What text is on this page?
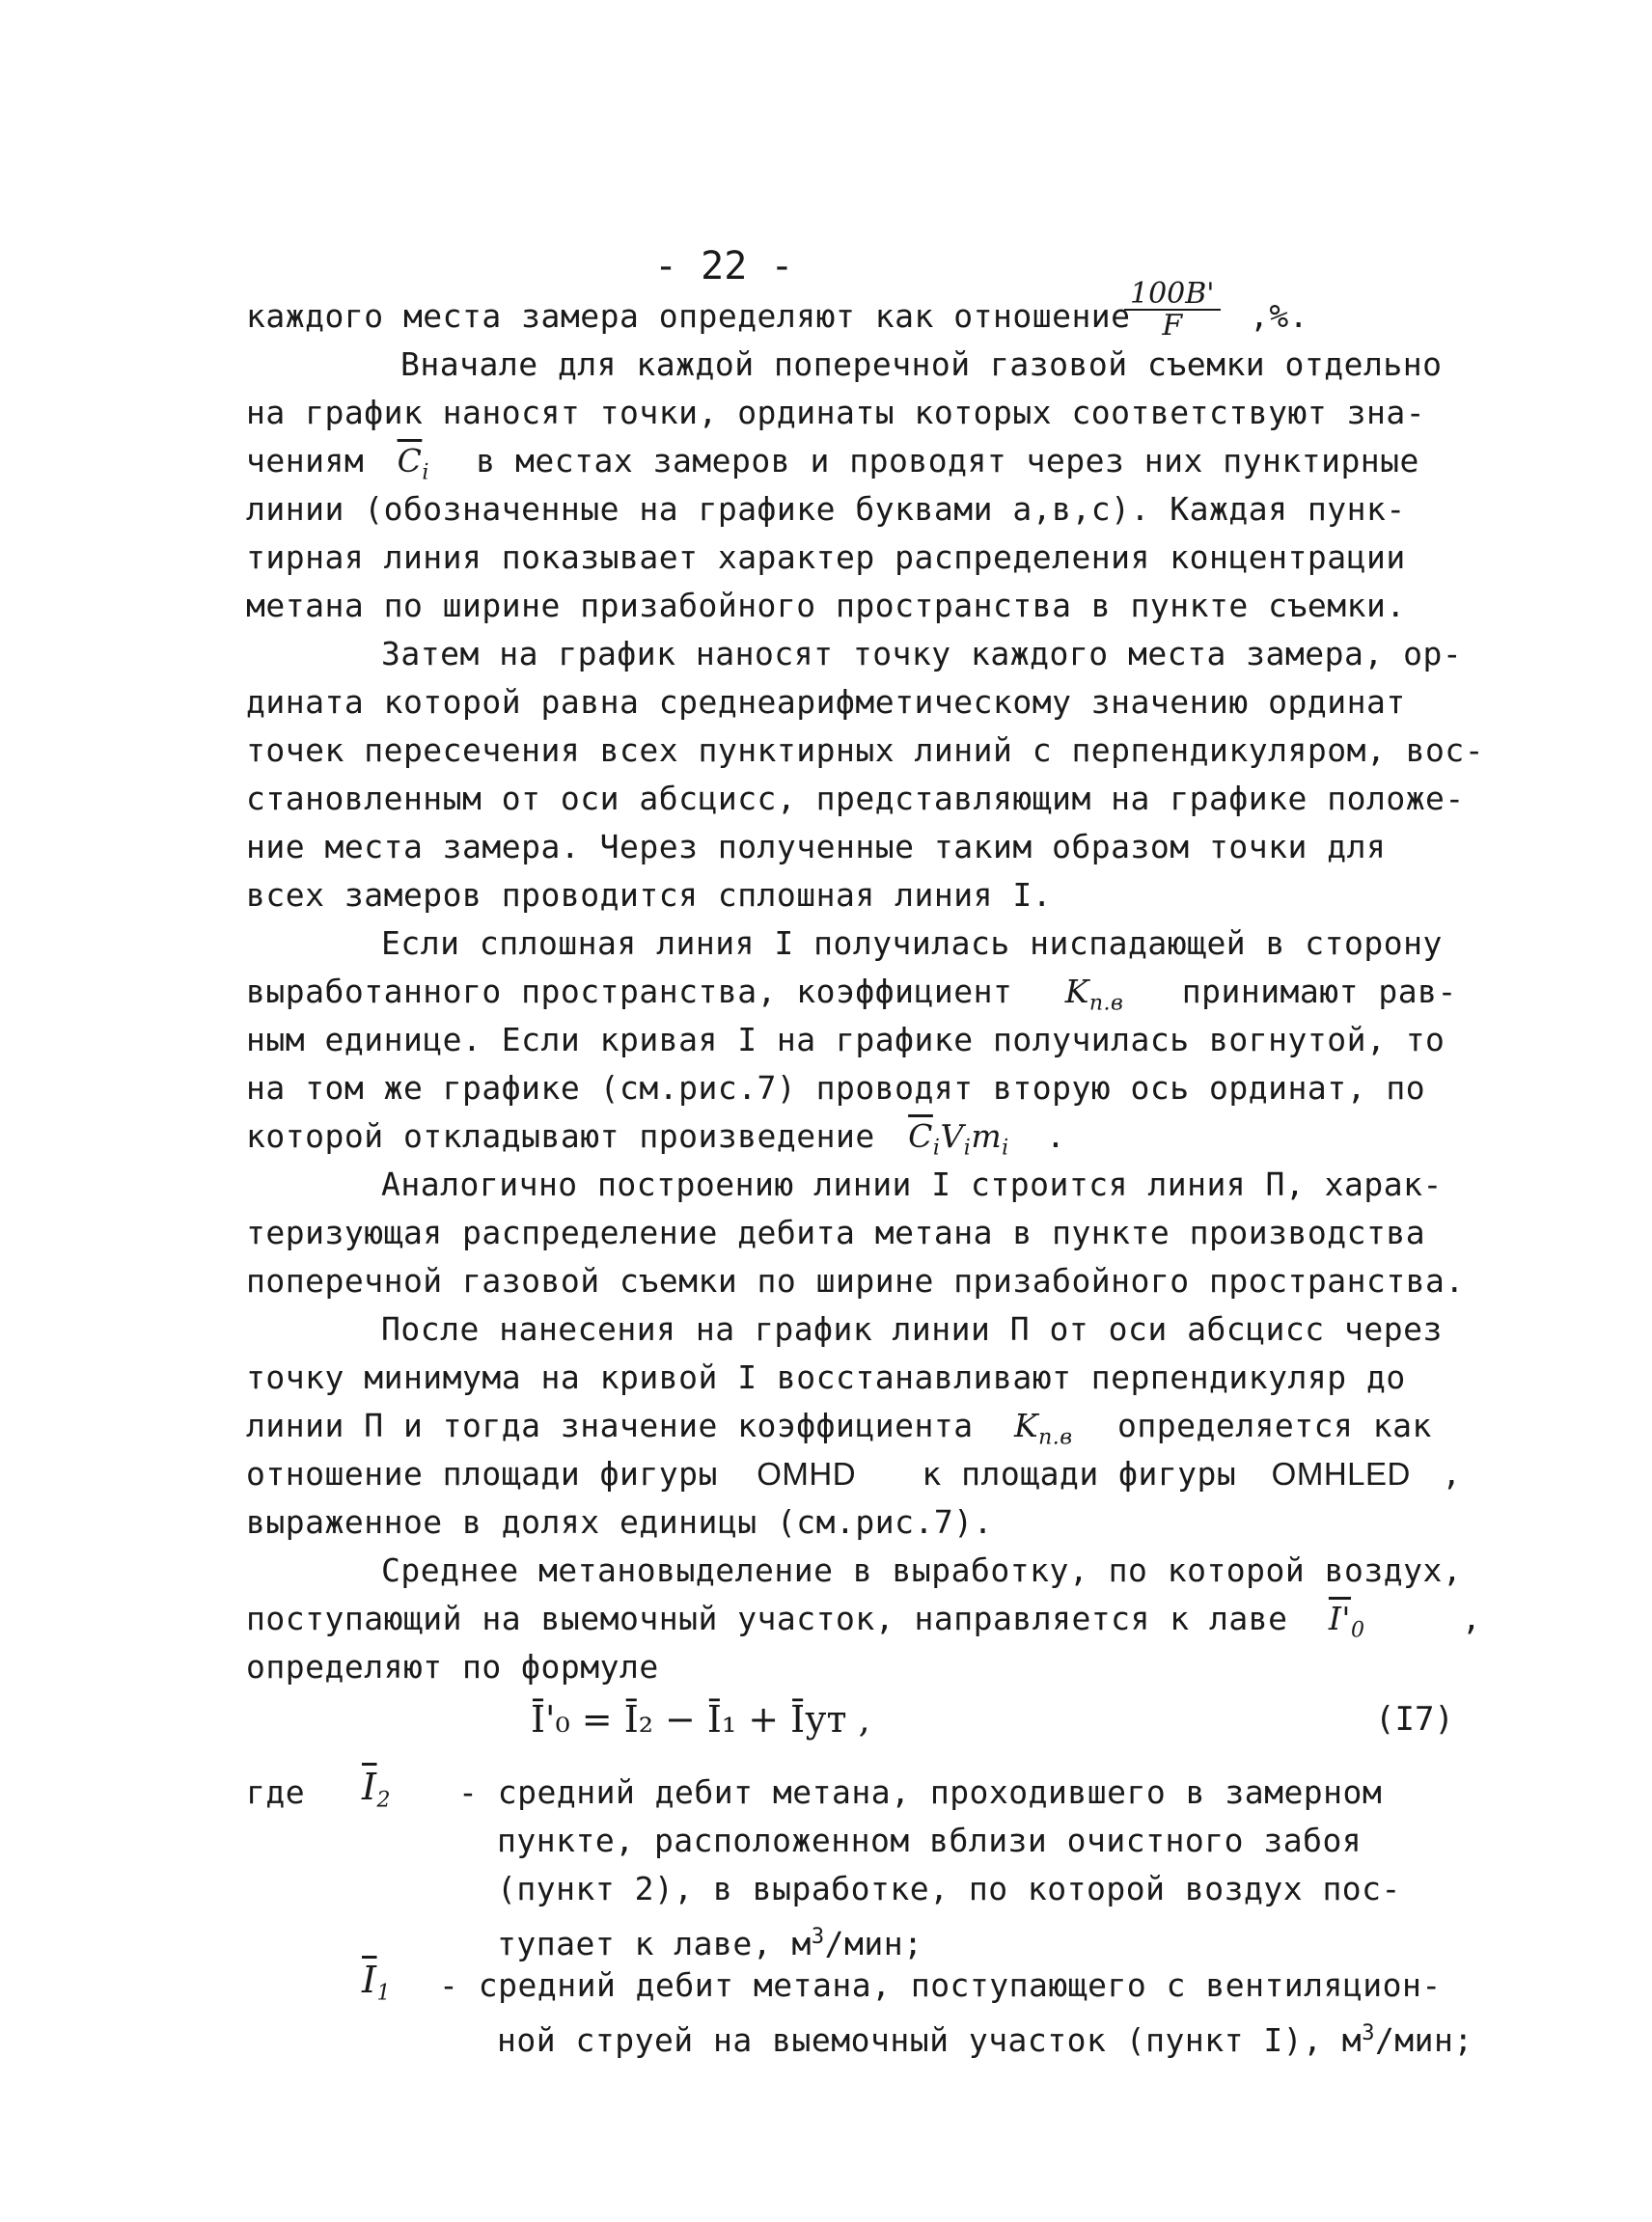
- 22 -
каждого места замера определяют как отношение
100В'
F	,%.
Вначале для каждой поперечной газовой съемки отдельно
на график наносят точки, ординаты которых соответствуют зна-
чениям $\overline{C}_i$ в местах замеров и проводят через них пунктирные
линии (обозначенные на графике буквами а,в,с). Каждая пунк-
тирная линия показывает характер распределения концентрации
метана по ширине призабойного пространства в пункте съемки.
Затем на график наносят точку каждого места замера, ор-
дината которой равна среднеарифметическому значению ординат
точек пересечения всех пунктирных линий с перпендикуляром, вос-
становленным от оси абсцисс, представляющим на графике положе-
ние места замера. Через полученные таким образом точки для
всех замеров проводится сплошная линия I.
Если сплошная линия I получилась ниспадающей в сторону
выработанного пространства, коэффициент $K_{п.в}$ принимают рав-
ным единице. Если кривая I на графике получилась вогнутой, то
на том же графике (см.рис.7) проводят вторую ось ординат, по
которой откладывают произведение $\overline{C}_iV_im_i$ .
Аналогично построению линии I строится линия П, харак-
теризующая распределение дебита метана в пункте производства
поперечной газовой съемки по ширине призабойного пространства.
После нанесения на график линии П от оси абсцисс через
точку минимума на кривой I восстанавливают перпендикуляр до
линии П и тогда значение коэффициента $K_{п.в}$ определяется как
отношение площади фигуры OMHD к площади фигуры OMHLED ,
выраженное в долях единицы (см.рис.7).
Среднее метановыделение в выработку, по которой воздух,
поступающий на выемочный участок, направляется к лаве $I'_0$	,
определяют по формуле
Ī'₀ = Ī₂ − Ī₁ + Īут ,	(I7)
где $\overline{I}_2$ - средний дебит метана, проходившего в замерном
пункте, расположенном вблизи очистного забоя
(пункт 2), в выработке, по которой воздух пос-
тупает к лаве, $м^3$/мин;
$\overline{I}_1$ - средний дебит метана, поступающего с вентиляцион-
ной струей на выемочный участок (пункт I), $м^3$/мин;
